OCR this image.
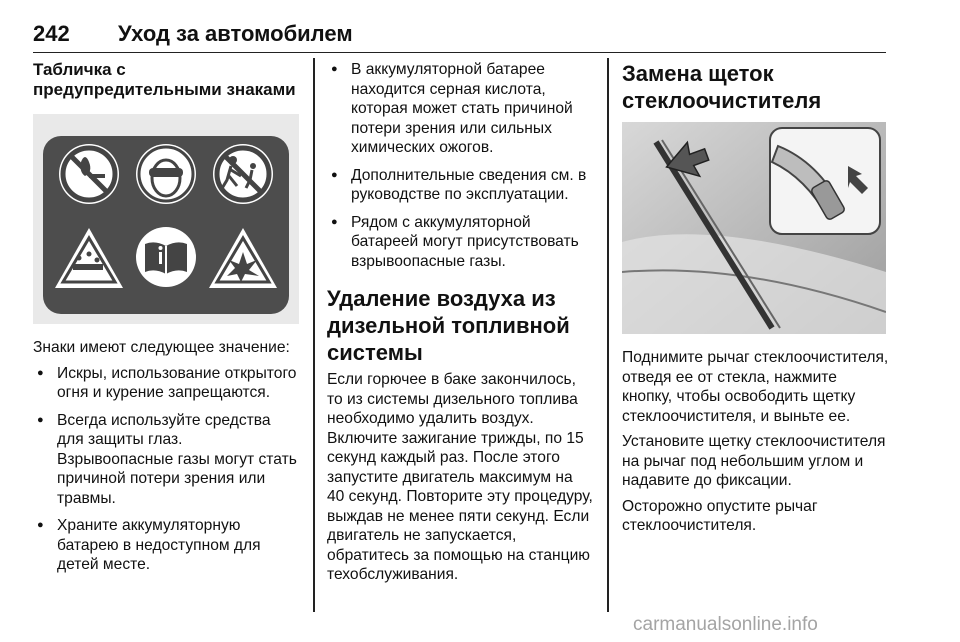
242 Уход за автомобилем
Табличка с предупредительными знаками

Знаки имеют следующее значение:

● Искры, использование открытого огня и курение запрещаются.
● Всегда используйте средства для защиты глаз. Взрывоопасные газы могут стать причиной потери зрения или травмы.
● Храните аккумуляторную батарею в недоступном для детей месте.
● В аккумуляторной батарее находится серная кислота, которая может стать причиной потери зрения или сильных химических ожогов.
● Дополнительные сведения см. в руководстве по эксплуатации.
● Рядом с аккумуляторной батареей могут присутствовать взрывоопасные газы.
Удаление воздуха из дизельной топливной системы

Если горючее в баке закончилось, то из системы дизельного топлива необходимо удалить воздух. Включите зажигание трижды, по 15 секунд каждый раз. После этого запустите двигатель максимум на 40 секунд. Повторите эту процедуру, выждав не менее пяти секунд. Если двигатель не запускается, обратитесь за помощью на станцию техобслуживания.

Замена щеток стеклоочистителя

Поднимите рычаг стеклоочистителя, отведя ее от стекла, нажмите кнопку, чтобы освободить щетку стеклоочистителя, и выньте ее.

Установите щетку стеклоочистителя на рычаг под небольшим углом и надавите до фиксации.

Осторожно опустите рычаг стеклоочистителя.

carmanualsonline.info
